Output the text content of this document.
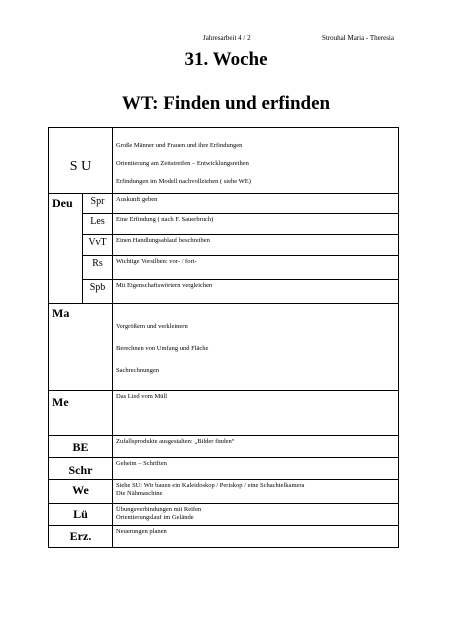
Jahresarbeit 4 / 2	Strouhal Maria - Theresia
31. Woche
WT: Finden und erfinden
S U		Große Männer und Frauen und ihre Erfindungen

Orientierung am Zeitstreifen – Entwicklungsreihen

Erfindungen im Modell nachvollziehen ( siehe WE)

Deu	Spr	Auskunft geben

	Les	Eine Erfindung ( nach F. Sauerbruch)

	VvT	Einen Handlungsablauf beschreiben

	Rs	Wichtige Vorsilben: vor- / fort-

	Spb	Mit Eigenschaftswörtern vergleichen

Ma		Vergrößern und verkleinern

Berechnen von Umfang und Fläche

Sachrechnungen

Me		Das Lied vom Müll

BE		Zufallsprodukte ausgestalten: „Bilder finden“

Schr		Geheim – Schriften

We		Siehe SU: Wir bauen ein Kaleidoskop / Periskop / eine Schachtelkamera

Die Nähmaschine

Lü		Übungsverbindungen mit Reifen

Orientierungslauf im Gelände

Erz.		Neuerungen planen
